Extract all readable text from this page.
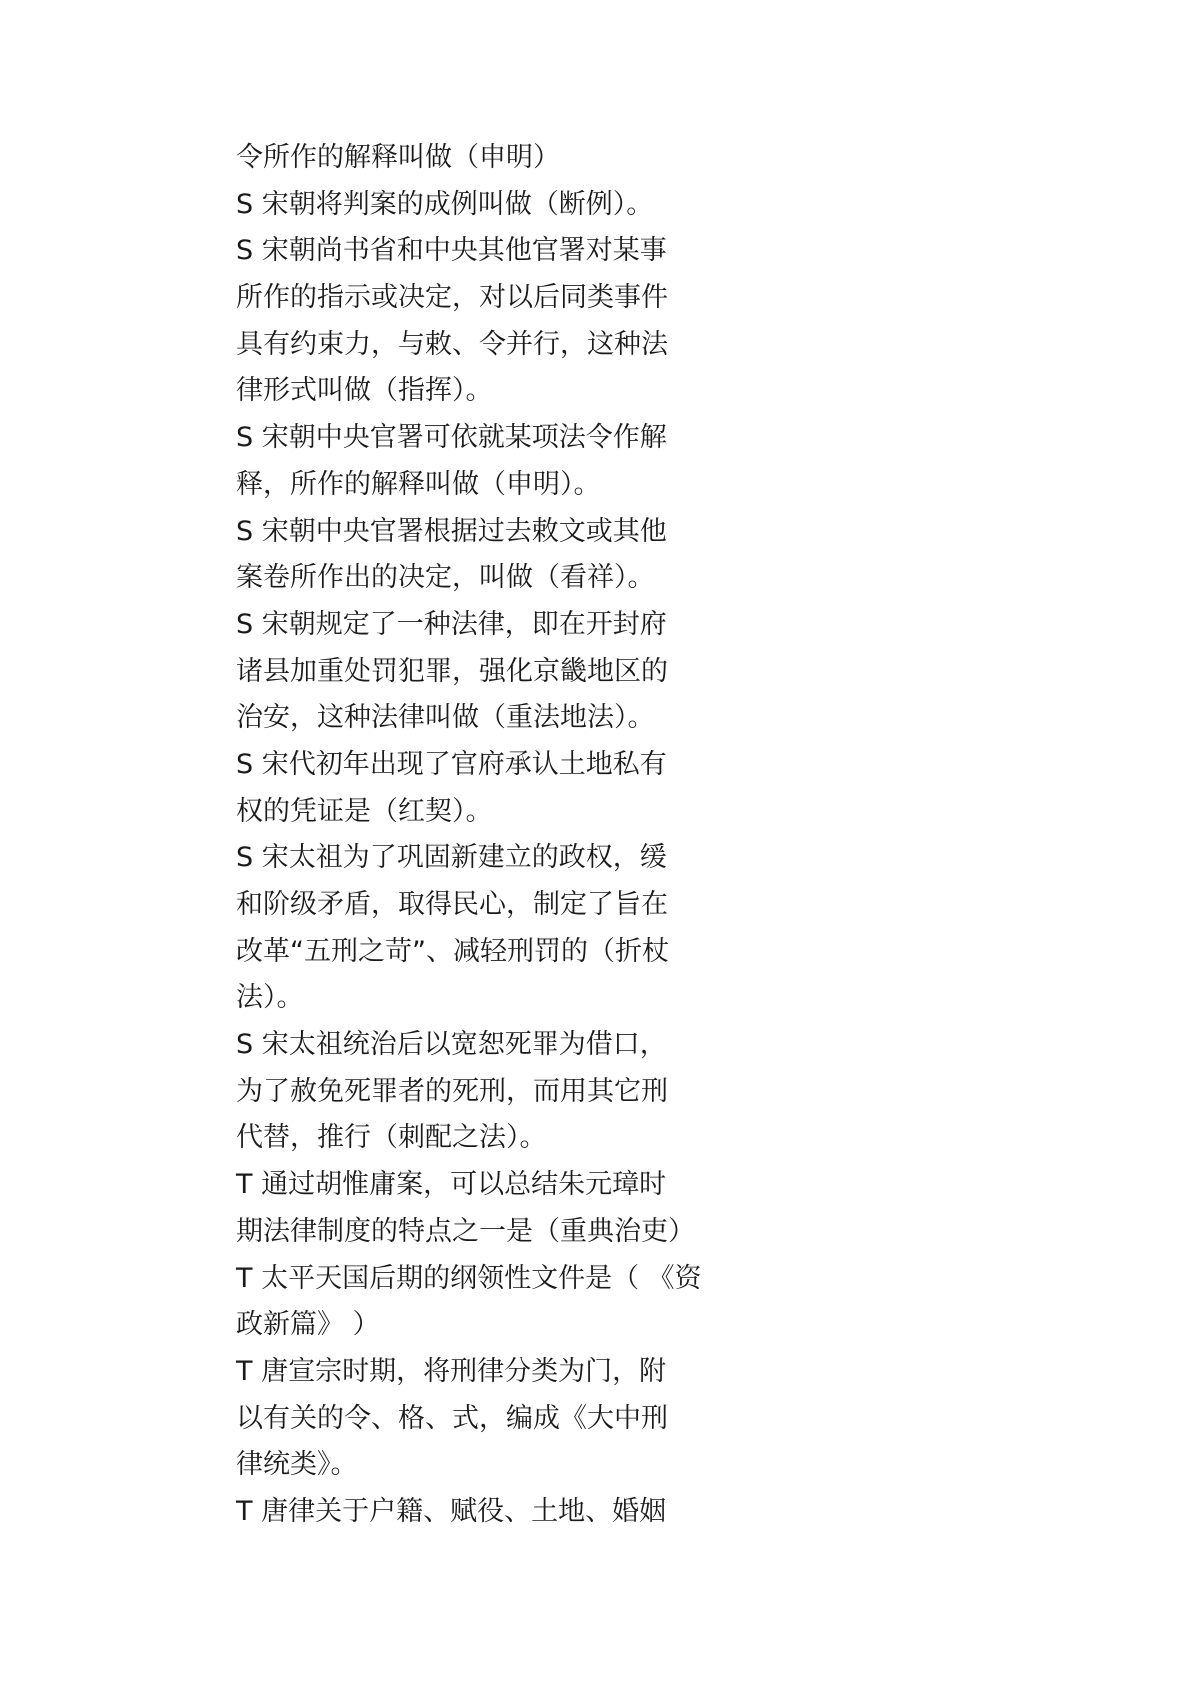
令所作的解释叫做（申明）
S 宋朝将判案的成例叫做（断例）。
S 宋朝尚书省和中央其他官署对某事
所作的指示或决定，对以后同类事件
具有约束力，与敕、令并行，这种法
律形式叫做（指挥）。
S 宋朝中央官署可依就某项法令作解
释，所作的解释叫做（申明）。
S 宋朝中央官署根据过去敕文或其他
案卷所作出的决定，叫做（看祥）。
S 宋朝规定了一种法律，即在开封府
诸县加重处罚犯罪，强化京畿地区的
治安，这种法律叫做（重法地法）。
S 宋代初年出现了官府承认土地私有
权的凭证是（红契）。
S 宋太祖为了巩固新建立的政权，缓
和阶级矛盾，取得民心，制定了旨在
改革“五刑之苛”、减轻刑罚的（折杖
法）。
S 宋太祖统治后以宽恕死罪为借口，
为了赦免死罪者的死刑，而用其它刑
代替，推行（刺配之法）。
T 通过胡惟庸案，可以总结朱元璋时
期法律制度的特点之一是（重典治吏）
T 太平天国后期的纲领性文件是（ 《资
政新篇》 ）
T 唐宣宗时期，将刑律分类为门，附
以有关的令、格、式，编成《大中刑
律统类》。
T 唐律关于户籍、赋役、土地、婚姻
